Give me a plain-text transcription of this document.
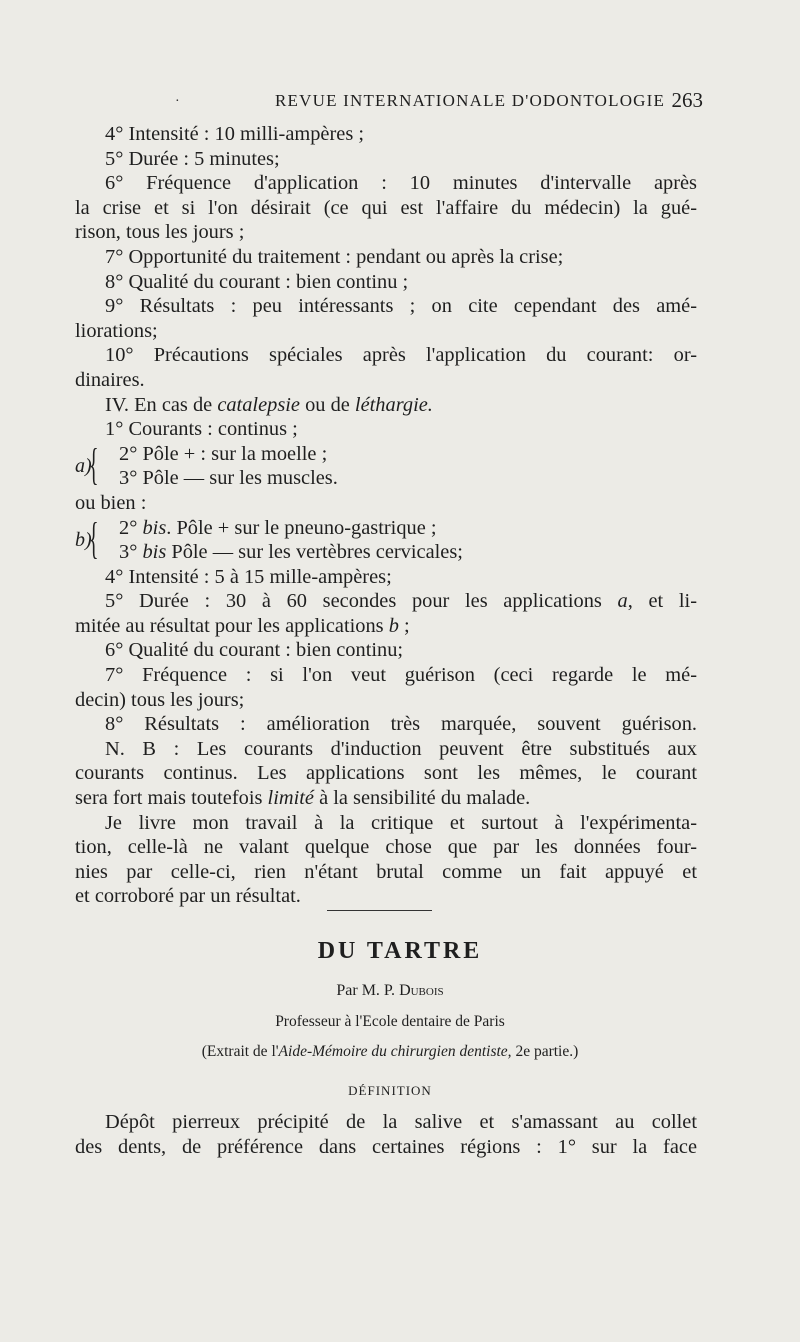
·	REVUE INTERNATIONALE D'ODONTOLOGIE 263
4° Intensité : 10 milli-ampères ;
5° Durée : 5 minutes;
6° Fréquence d'application : 10 minutes d'intervalle après
la crise et si l'on désirait (ce qui est l'affaire du médecin) la gué-
rison, tous les jours ;
7° Opportunité du traitement : pendant ou après la crise;
8° Qualité du courant : bien continu ;
9° Résultats : peu intéressants ; on cite cependant des amé-
liorations;
10° Précautions spéciales après l'application du courant: or-
dinaires.
IV. En cas de catalepsie ou de léthargie.
1° Courants : continus ;
a)
{ 2° Pôle + : sur la moelle ;
3° Pôle — sur les muscles.
ou bien :
b)
{ 2° bis. Pôle + sur le pneuno-gastrique ;
3° bis Pôle — sur les vertèbres cervicales;
4° Intensité : 5 à 15 mille-ampères;
5° Durée : 30 à 60 secondes pour les applications a, et li-
mitée au résultat pour les applications b ;
6° Qualité du courant : bien continu;
7° Fréquence : si l'on veut guérison (ceci regarde le mé-
decin) tous les jours;
8° Résultats : amélioration très marquée, souvent guérison.
N. B : Les courants d'induction peuvent être substitués aux
courants continus. Les applications sont les mêmes, le courant
sera fort mais toutefois limité à la sensibilité du malade.
Je livre mon travail à la critique et surtout à l'expérimenta-
tion, celle-là ne valant quelque chose que par les données four-
nies par celle-ci, rien n'étant brutal comme un fait appuyé et
et corroboré par un résultat.
DU TARTRE
Par M. P. Dubois
Professeur à l'Ecole dentaire de Paris
(Extrait de l'Aide-Mémoire du chirurgien dentiste, 2e partie.)
DÉFINITION
Dépôt pierreux précipité de la salive et s'amassant au collet
des dents, de préférence dans certaines régions : 1° sur la face
